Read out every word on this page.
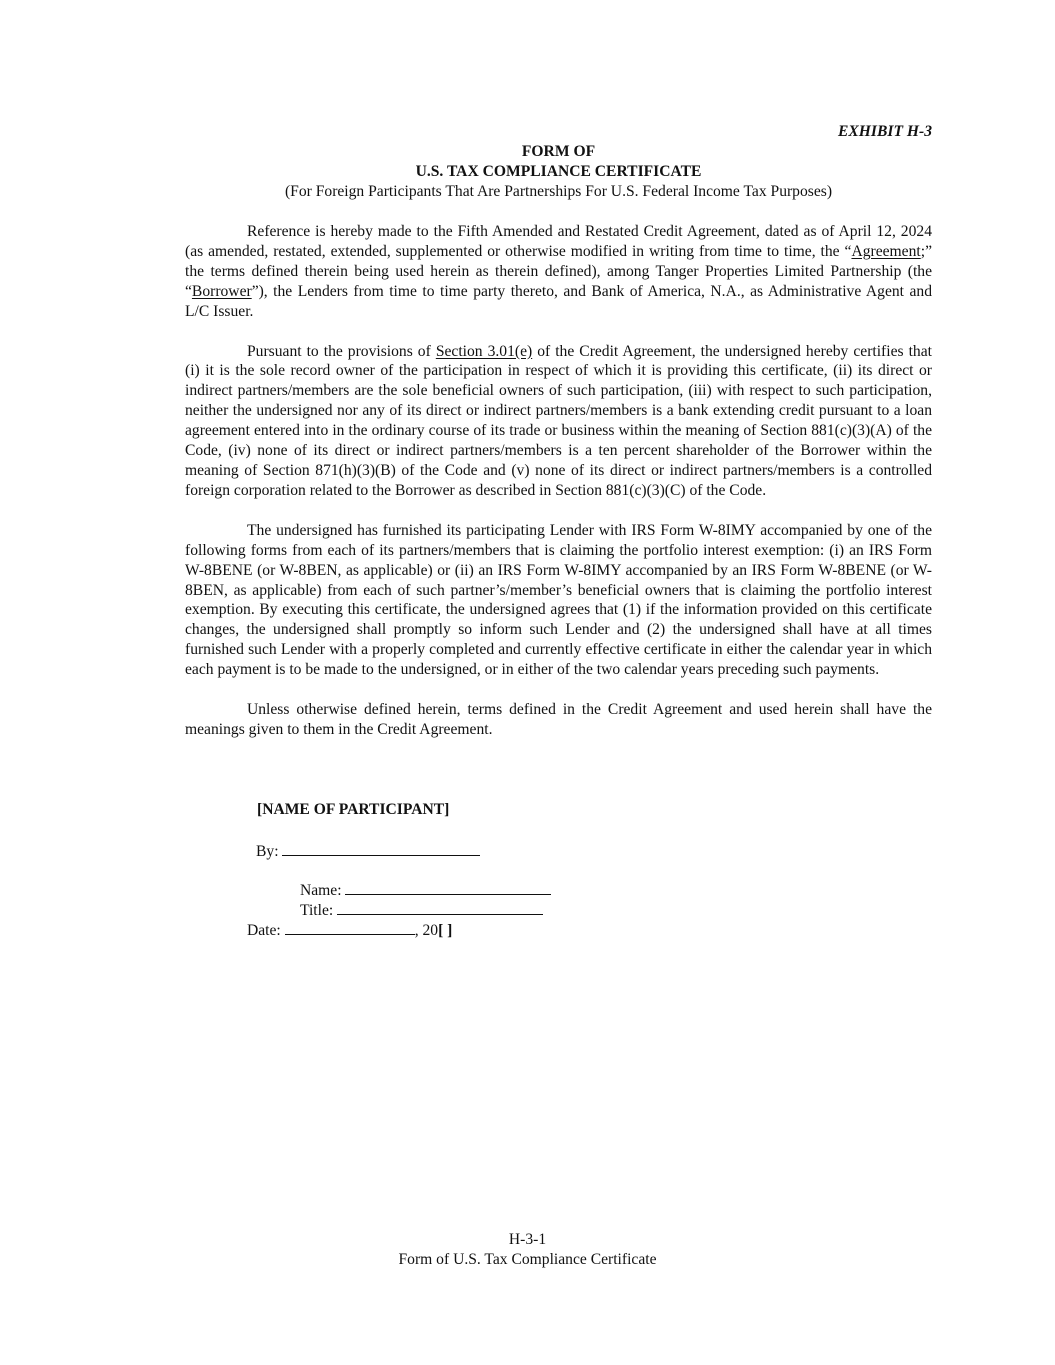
EXHIBIT H-3
FORM OF
U.S. TAX COMPLIANCE CERTIFICATE
(For Foreign Participants That Are Partnerships For U.S. Federal Income Tax Purposes)

Reference is hereby made to the Fifth Amended and Restated Credit Agreement, dated as of April 12, 2024 (as amended, restated, extended, supplemented or otherwise modified in writing from time to time, the “Agreement;” the terms defined therein being used herein as therein defined), among Tanger Properties Limited Partnership (the “Borrower”), the Lenders from time to time party thereto, and Bank of America, N.A., as Administrative Agent and L/C Issuer.

Pursuant to the provisions of Section 3.01(e) of the Credit Agreement, the undersigned hereby certifies that (i) it is the sole record owner of the participation in respect of which it is providing this certificate, (ii) its direct or indirect partners/members are the sole beneficial owners of such participation, (iii) with respect to such participation, neither the undersigned nor any of its direct or indirect partners/members is a bank extending credit pursuant to a loan agreement entered into in the ordinary course of its trade or business within the meaning of Section 881(c)(3)(A) of the Code, (iv) none of its direct or indirect partners/members is a ten percent shareholder of the Borrower within the meaning of Section 871(h)(3)(B) of the Code and (v) none of its direct or indirect partners/members is a controlled foreign corporation related to the Borrower as described in Section 881(c)(3)(C) of the Code.

The undersigned has furnished its participating Lender with IRS Form W-8IMY accompanied by one of the following forms from each of its partners/members that is claiming the portfolio interest exemption: (i) an IRS Form W-8BENE (or W-8BEN, as applicable) or (ii) an IRS Form W-8IMY accompanied by an IRS Form W-8BENE (or W-8BEN, as applicable) from each of such partner’s/member’s beneficial owners that is claiming the portfolio interest exemption. By executing this certificate, the undersigned agrees that (1) if the information provided on this certificate changes, the undersigned shall promptly so inform such Lender and (2) the undersigned shall have at all times furnished such Lender with a properly completed and currently effective certificate in either the calendar year in which each payment is to be made to the undersigned, or in either of the two calendar years preceding such payments.

Unless otherwise defined herein, terms defined in the Credit Agreement and used herein shall have the meanings given to them in the Credit Agreement.

[NAME OF PARTICIPANT]
By:
Name:
Title:
Date:	, 20[ ]
H-3-1
Form of U.S. Tax Compliance Certificate
